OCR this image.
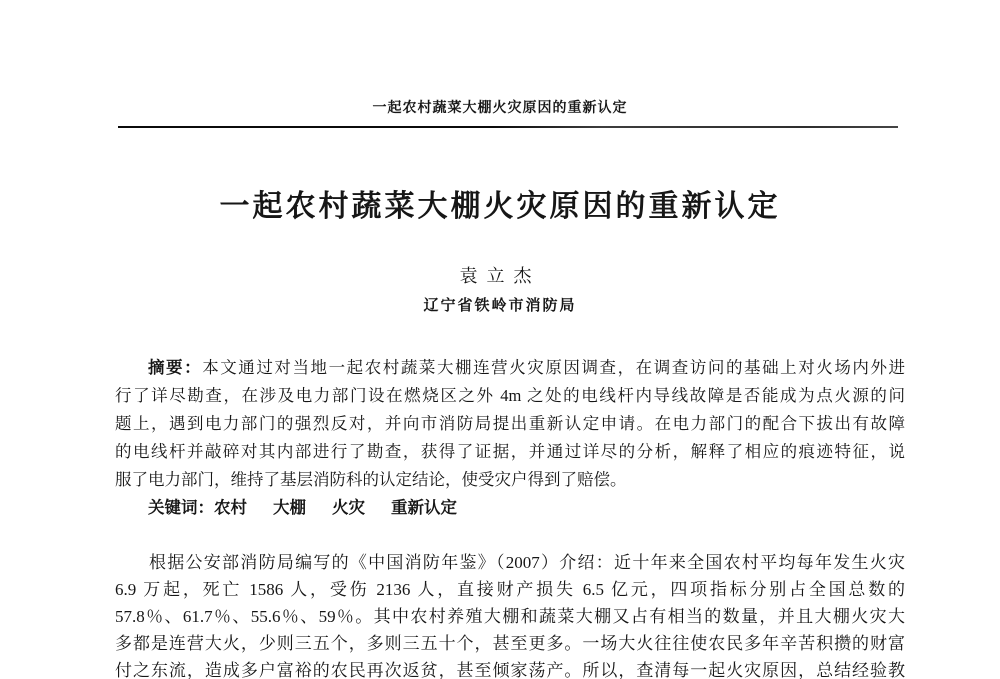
一起农村蔬菜大棚火灾原因的重新认定
一起农村蔬菜大棚火灾原因的重新认定
袁立杰
辽宁省铁岭市消防局
摘要：本文通过对当地一起农村蔬菜大棚连营火灾原因调查，在调查访问的基础上对火场内外进
行了详尽勘查，在涉及电力部门设在燃烧区之外 4m 之处的电线杆内导线故障是否能成为点火源的问
题上，遇到电力部门的强烈反对，并向市消防局提出重新认定申请。在电力部门的配合下拔出有故障
的电线杆并敲碎对其内部进行了勘查，获得了证据，并通过详尽的分析，解释了相应的痕迹特征，说
服了电力部门，维持了基层消防科的认定结论，使受灾户得到了赔偿。
关键词：农村 大棚 火灾 重新认定
根据公安部消防局编写的《中国消防年鉴》（2007）介绍：近十年来全国农村平均每年发生火灾
6.9 万起，死亡 1586 人，受伤 2136 人，直接财产损失 6.5 亿元，四项指标分别占全国总数的
57.8％、61.7％、55.6％、59％。其中农村养殖大棚和蔬菜大棚又占有相当的数量，并且大棚火灾大
多都是连营大火，少则三五个，多则三五十个，甚至更多。一场大火往往使农民多年辛苦积攒的财富
付之东流，造成多户富裕的农民再次返贫，甚至倾家荡产。所以，查清每一起火灾原因，总结经验教
